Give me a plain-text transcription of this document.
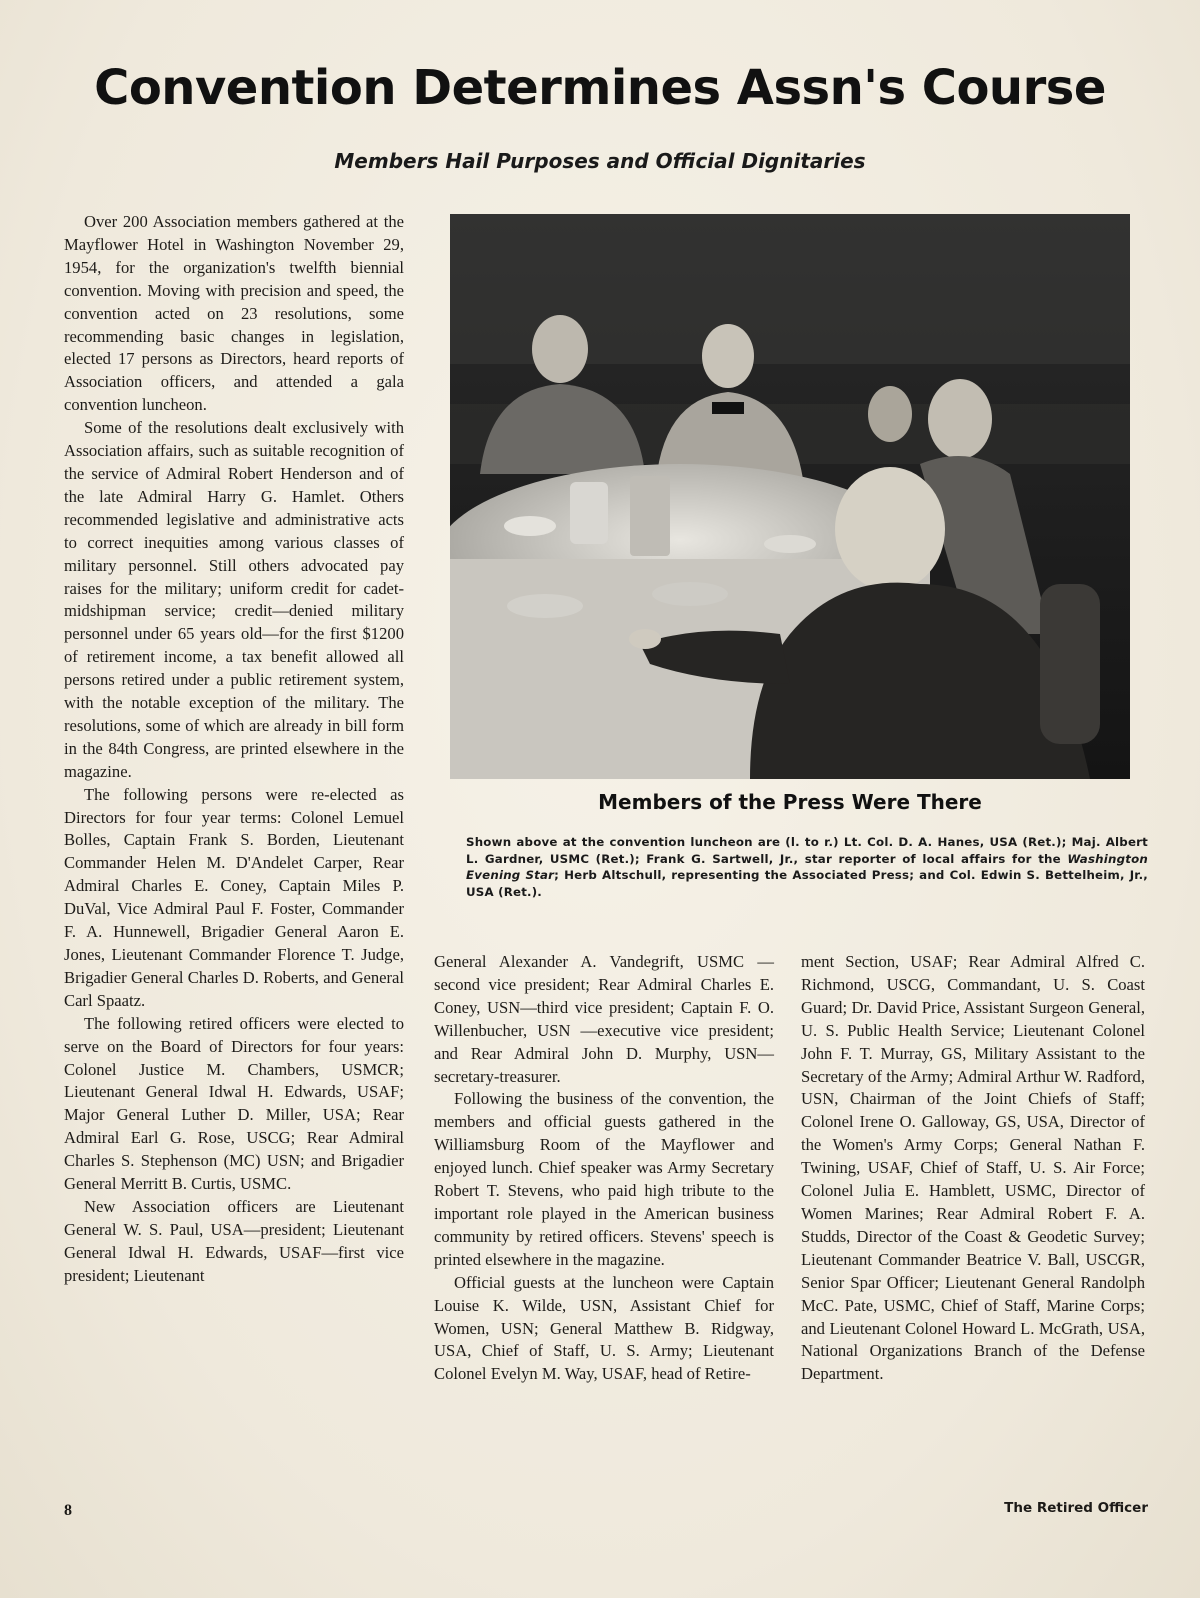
Convention Determines Assn's Course
Members Hail Purposes and Official Dignitaries

Over 200 Association members gathered at the Mayflower Hotel in Washington November 29, 1954, for the organization's twelfth biennial convention. Moving with precision and speed, the convention acted on 23 resolutions, some recommending basic changes in legislation, elected 17 persons as Directors, heard reports of Association officers, and attended a gala convention luncheon.

Some of the resolutions dealt exclusively with Association affairs, such as suitable recognition of the service of Admiral Robert Henderson and of the late Admiral Harry G. Hamlet. Others recommended legislative and administrative acts to correct inequities among various classes of military personnel. Still others advocated pay raises for the military; uniform credit for cadet-midshipman service; credit—denied military personnel under 65 years old—for the first $1200 of retirement income, a tax benefit allowed all persons retired under a public retirement system, with the notable exception of the military. The resolutions, some of which are already in bill form in the 84th Congress, are printed elsewhere in the magazine.

The following persons were re-elected as Directors for four year terms: Colonel Lemuel Bolles, Captain Frank S. Borden, Lieutenant Commander Helen M. D'Andelet Carper, Rear Admiral Charles E. Coney, Captain Miles P. DuVal, Vice Admiral Paul F. Foster, Commander F. A. Hunnewell, Brigadier General Aaron E. Jones, Lieutenant Commander Florence T. Judge, Brigadier General Charles D. Roberts, and General Carl Spaatz.

The following retired officers were elected to serve on the Board of Directors for four years: Colonel Justice M. Chambers, USMCR; Lieutenant General Idwal H. Edwards, USAF; Major General Luther D. Miller, USA; Rear Admiral Earl G. Rose, USCG; Rear Admiral Charles S. Stephenson (MC) USN; and Brigadier General Merritt B. Curtis, USMC.

New Association officers are Lieutenant General W. S. Paul, USA—president; Lieutenant General Idwal H. Edwards, USAF—first vice president; Lieutenant

Members of the Press Were There
Shown above at the convention luncheon are (l. to r.) Lt. Col. D. A. Hanes, USA (Ret.); Maj. Albert L. Gardner, USMC (Ret.); Frank G. Sartwell, Jr., star reporter of local affairs for the Washington Evening Star; Herb Altschull, representing the Associated Press; and Col. Edwin S. Bettelheim, Jr., USA (Ret.).

General Alexander A. Vandegrift, USMC —second vice president; Rear Admiral Charles E. Coney, USN—third vice president; Captain F. O. Willenbucher, USN —executive vice president; and Rear Admiral John D. Murphy, USN—secretary-treasurer.

Following the business of the convention, the members and official guests gathered in the Williamsburg Room of the Mayflower and enjoyed lunch. Chief speaker was Army Secretary Robert T. Stevens, who paid high tribute to the important role played in the American business community by retired officers. Stevens' speech is printed elsewhere in the magazine.

Official guests at the luncheon were Captain Louise K. Wilde, USN, Assistant Chief for Women, USN; General Matthew B. Ridgway, USA, Chief of Staff, U. S. Army; Lieutenant Colonel Evelyn M. Way, USAF, head of Retire-

ment Section, USAF; Rear Admiral Alfred C. Richmond, USCG, Commandant, U. S. Coast Guard; Dr. David Price, Assistant Surgeon General, U. S. Public Health Service; Lieutenant Colonel John F. T. Murray, GS, Military Assistant to the Secretary of the Army; Admiral Arthur W. Radford, USN, Chairman of the Joint Chiefs of Staff; Colonel Irene O. Galloway, GS, USA, Director of the Women's Army Corps; General Nathan F. Twining, USAF, Chief of Staff, U. S. Air Force; Colonel Julia E. Hamblett, USMC, Director of Women Marines; Rear Admiral Robert F. A. Studds, Director of the Coast & Geodetic Survey; Lieutenant Commander Beatrice V. Ball, USCGR, Senior Spar Officer; Lieutenant General Randolph McC. Pate, USMC, Chief of Staff, Marine Corps; and Lieutenant Colonel Howard L. McGrath, USA, National Organizations Branch of the Defense Department.

8	The Retired Officer
